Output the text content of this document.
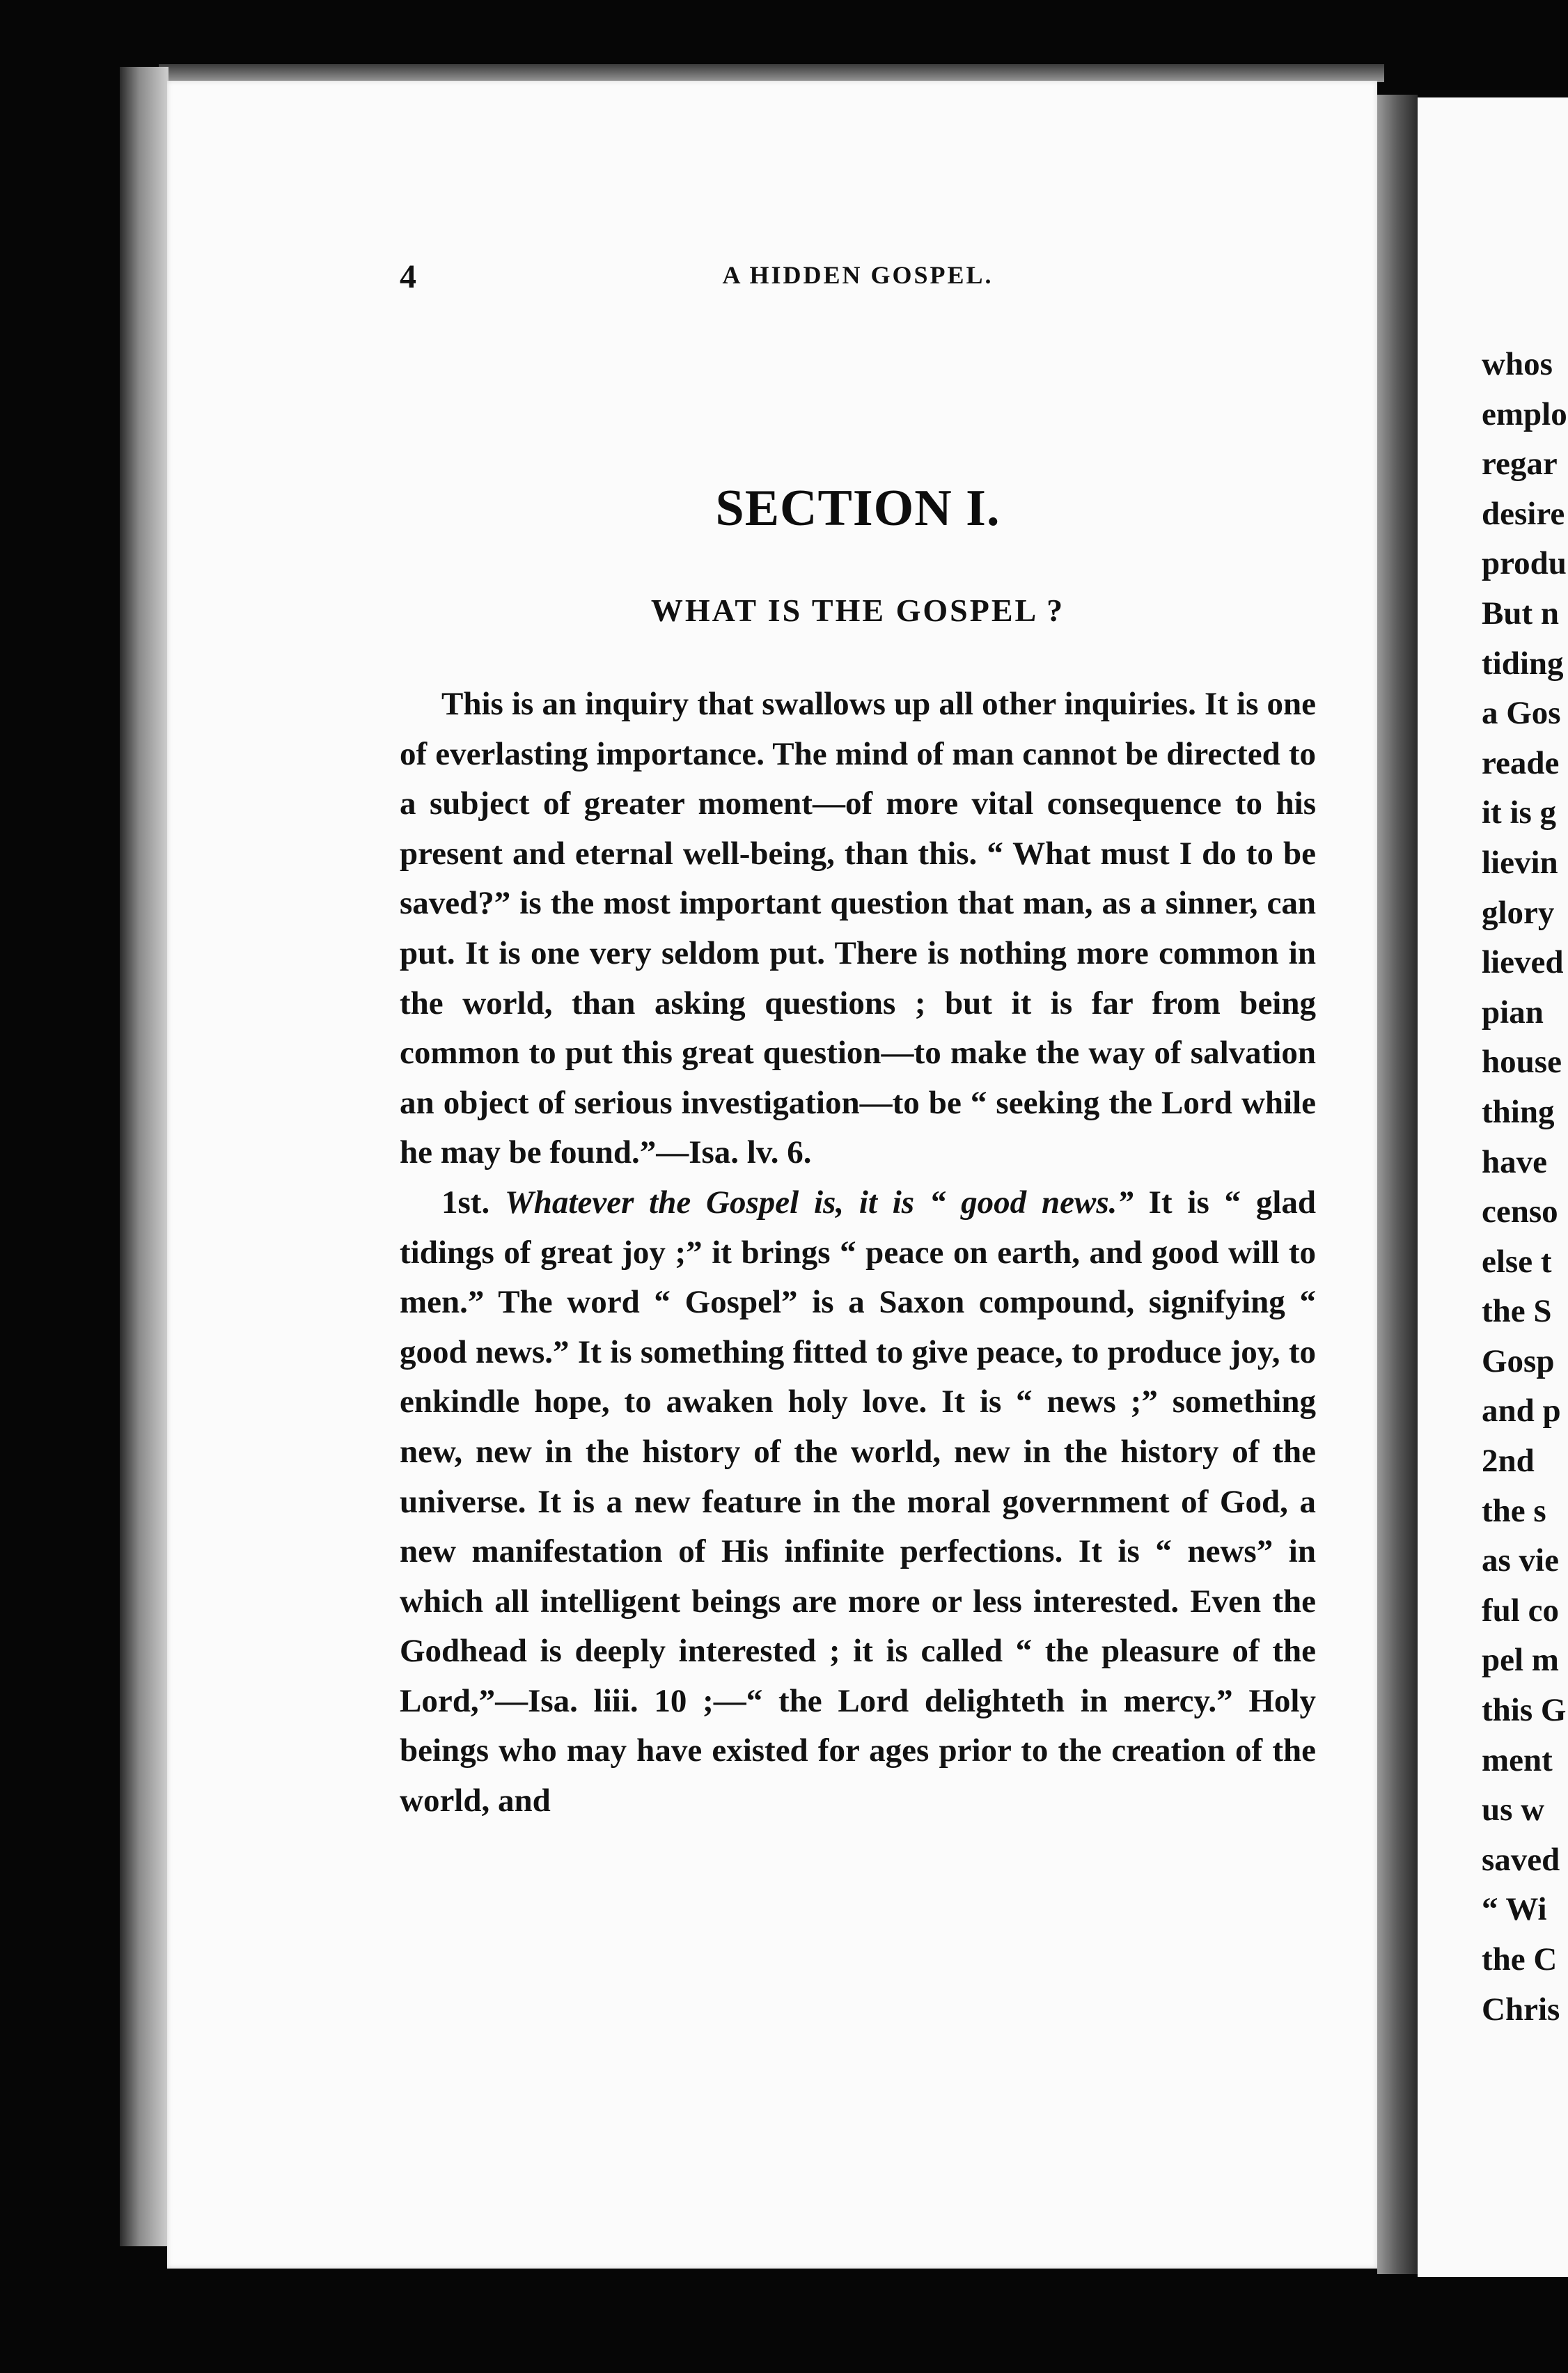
4	A HIDDEN GOSPEL.
SECTION I.
WHAT IS THE GOSPEL ?

This is an inquiry that swallows up all other inquiries. It is one of everlasting importance. The mind of man cannot be directed to a subject of greater moment—of more vital consequence to his present and eternal well-being, than this. “ What must I do to be saved?” is the most important question that man, as a sinner, can put. It is one very seldom put. There is nothing more common in the world, than asking questions ; but it is far from being common to put this great question—to make the way of salvation an object of serious investigation—to be “ seeking the Lord while he may be found.”—Isa. lv. 6.

1st. Whatever the Gospel is, it is “ good news.” It is “ glad tidings of great joy ;” it brings “ peace on earth, and good will to men.” The word “ Gospel” is a Saxon compound, signifying “ good news.” It is something fitted to give peace, to produce joy, to enkindle hope, to awaken holy love. It is “ news ;” something new, new in the history of the world, new in the history of the universe. It is a new feature in the moral government of God, a new manifestation of His infinite perfections. It is “ news” in which all intelligent beings are more or less interested. Even the Godhead is deeply interested ; it is called “ the pleasure of the Lord,”—Isa. liii. 10 ;—“ the Lord delighteth in mercy.” Holy beings who may have existed for ages prior to the creation of the world, and

whos
emplo
regar
desire
produ
But n
tiding
a Gos
reade
it is g
lievin
glory
lieved
pian
house
thing
have
censo
else t
the S
Gosp
and p
2nd
the s
as vie
ful co
pel m
this G
ment
us w
saved
“ Wi
the C
Chris
